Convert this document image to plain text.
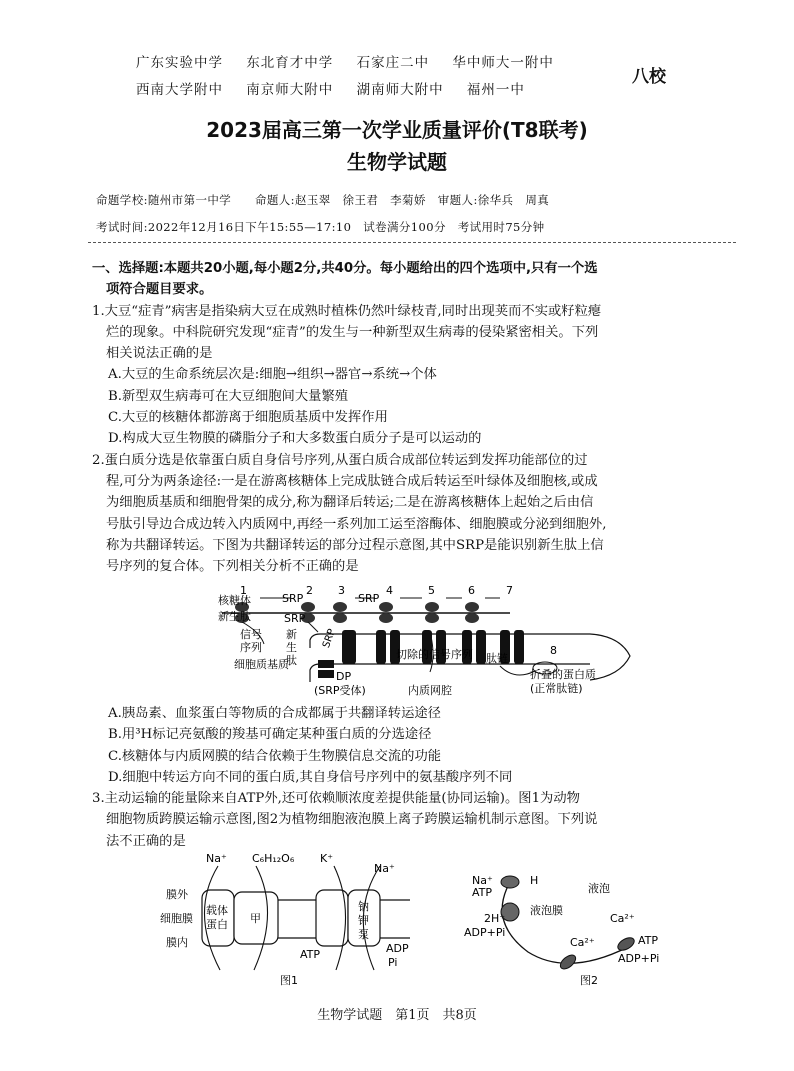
广东实验中学 东北育才中学 石家庄二中 华中师大一附中
西南大学附中 南京师大附中 湖南师大附中 福州一中
八校
2023届高三第一次学业质量评价(T8联考)
生物学试题
命题学校:随州市第一中学　　命题人:赵玉翠　徐王君　李菊娇　审题人:徐华兵　周真
考试时间:2022年12月16日下午15:55—17:10　试卷满分100分　考试用时75分钟
一、选择题:本题共20小题,每小题2分,共40分。每小题给出的四个选项中,只有一个选
项符合题目要求。
1.大豆“症青”病害是指染病大豆在成熟时植株仍然叶绿枝青,同时出现荚而不实或籽粒瘪
烂的现象。中科院研究发现“症青”的发生与一种新型双生病毒的侵染紧密相关。下列
相关说法正确的是
A.大豆的生命系统层次是:细胞→组织→器官→系统→个体
B.新型双生病毒可在大豆细胞间大量繁殖
C.大豆的核糖体都游离于细胞质基质中发挥作用
D.构成大豆生物膜的磷脂分子和大多数蛋白质分子是可以运动的
2.蛋白质分选是依靠蛋白质自身信号序列,从蛋白质合成部位转运到发挥功能部位的过
程,可分为两条途径:一是在游离核糖体上完成肽链合成后转运至叶绿体及细胞核,或成
为细胞质基质和细胞骨架的成分,称为翻译后转运;二是在游离核糖体上起始之后由信
号肽引导边合成边转入内质网中,再经一系列加工运至溶酶体、细胞膜或分泌到细胞外,
称为共翻译转运。下图为共翻译转运的部分过程示意图,其中SRP是能识别新生肽上信
号序列的复合体。下列相关分析不正确的是
核糖体
新生肽
信号
序列
新
生
肽
细胞质基质
SRP
SRP
SRP
SRP
DP
(SRP受体)	内质网腔
切除的信号序列 肽链
折叠的蛋白质
(正常肽链)
1	2 3	4	5	6	7
8
A.胰岛素、血浆蛋白等物质的合成都属于共翻译转运途径
B.用³H标记亮氨酸的羧基可确定某种蛋白质的分选途径
C.核糖体与内质网膜的结合依赖于生物膜信息交流的功能
D.细胞中转运方向不同的蛋白质,其自身信号序列中的氨基酸序列不同
3.主动运输的能量除来自ATP外,还可依赖顺浓度差提供能量(协同运输)。图1为动物
细胞物质跨膜运输示意图,图2为植物细胞液泡膜上离子跨膜运输机制示意图。下列说
法不正确的是
Na⁺ C₆H₁₂O₆ K⁺
Na⁺
膜外
细胞膜
膜内
载体
蛋白 甲
钠
钾
泵
ATP	ADP
Pi
图1
Na⁺	H
ATP
2H⁺
ADP+Pi
液泡
液泡膜
Ca²⁺
Ca²⁺
ATP
ADP+Pi
图2
生物学试题　第1页　共8页
